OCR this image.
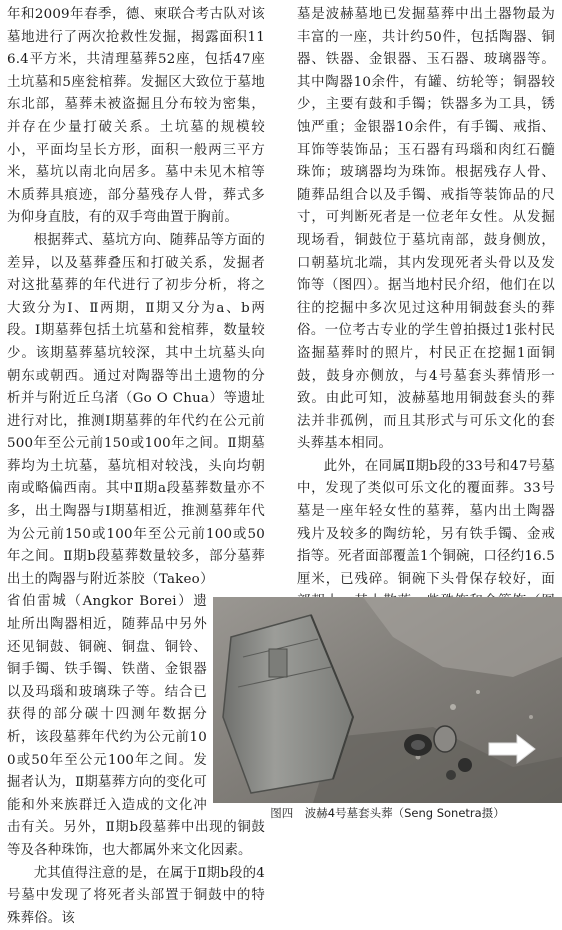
年和2009年春季，德、柬联合考古队对该墓地进行了两次抢救性发掘，揭露面积116.4平方米，共清理墓葬52座，包括47座土坑墓和5座瓮棺葬。发掘区大致位于墓地东北部，墓葬未被盗掘且分布较为密集，并存在少量打破关系。土坑墓的规模较小，平面均呈长方形，面积一般两三平方米，墓坑以南北向居多。墓中未见木棺等木质葬具痕迹，部分墓残存人骨，葬式多为仰身直肢，有的双手弯曲置于胸前。

根据葬式、墓坑方向、随葬品等方面的差异，以及墓葬叠压和打破关系，发掘者对这批墓葬的年代进行了初步分析，将之大致分为Ⅰ、Ⅱ两期，Ⅱ期又分为a、b两段。Ⅰ期墓葬包括土坑墓和瓮棺葬，数量较少。该期墓葬墓坑较深，其中土坑墓头向朝东或朝西。通过对陶器等出土遗物的分析并与附近丘乌渚（Go O Chua）等遗址进行对比，推测Ⅰ期墓葬的年代约在公元前500年至公元前150或100年之间。Ⅱ期墓葬均为土坑墓，墓坑相对较浅，头向均朝南或略偏西南。其中Ⅱ期a段墓葬数量亦不多，出土陶器与Ⅰ期墓相近，推测墓葬年代为公元前150或100年至公元前100或50年之间。Ⅱ期b段墓葬数量较多，部分墓葬出土的陶器与附近茶胶（Takeo）省伯雷城（Angkor Borei）遗址所出陶器相近，随葬品中另外还见铜鼓、铜碗、铜盘、铜铃、铜手镯、铁手镯、铁凿、金银器以及玛瑙和玻璃珠子等。结合已获得的部分碳十四测年数据分析，该段墓葬年代约为公元前100或50年至公元100年之间。发掘者认为，Ⅱ期墓葬方向的变化可能和外来族群迁入造成的文化冲击有关。另外，Ⅱ期b段墓葬中出现的铜鼓等及各种珠饰，也大都属外来文化因素。

尤其值得注意的是，在属于Ⅱ期b段的4号墓中发现了将死者头部置于铜鼓中的特殊葬俗。该

墓是波赫墓地已发掘墓葬中出土器物最为丰富的一座，共计约50件，包括陶器、铜器、铁器、金银器、玉石器、玻璃器等。其中陶器10余件，有罐、纺轮等；铜器较少，主要有鼓和手镯；铁器多为工具，锈蚀严重；金银器10余件，有手镯、戒指、耳饰等装饰品；玉石器有玛瑙和肉红石髓珠饰；玻璃器均为珠饰。根据残存人骨、随葬品组合以及手镯、戒指等装饰品的尺寸，可判断死者是一位老年女性。从发掘现场看，铜鼓位于墓坑南部，鼓身侧放，口朝墓坑北端，其内发现死者头骨以及发饰等（图四）。据当地村民介绍，他们在以往的挖掘中多次见过这种用铜鼓套头的葬俗。一位考古专业的学生曾拍摄过1张村民盗掘墓葬时的照片，村民正在挖掘1面铜鼓，鼓身亦侧放，与4号墓套头葬情形一致。由此可知，波赫墓地用铜鼓套头的葬法并非孤例，而且其形式与可乐文化的套头葬基本相同。

此外，在同属Ⅱ期b段的33号和47号墓中，发现了类似可乐文化的覆面葬。33号墓是一座年轻女性的墓葬，墓内出土陶器残片及较多的陶纺轮，另有铁手镯、金戒指等。死者面部覆盖1个铜碗，口径约16.5厘米，已残碎。铜碗下头骨保存较好，面

图四　波赫4号墓套头葬（Seng Sonetra摄）
